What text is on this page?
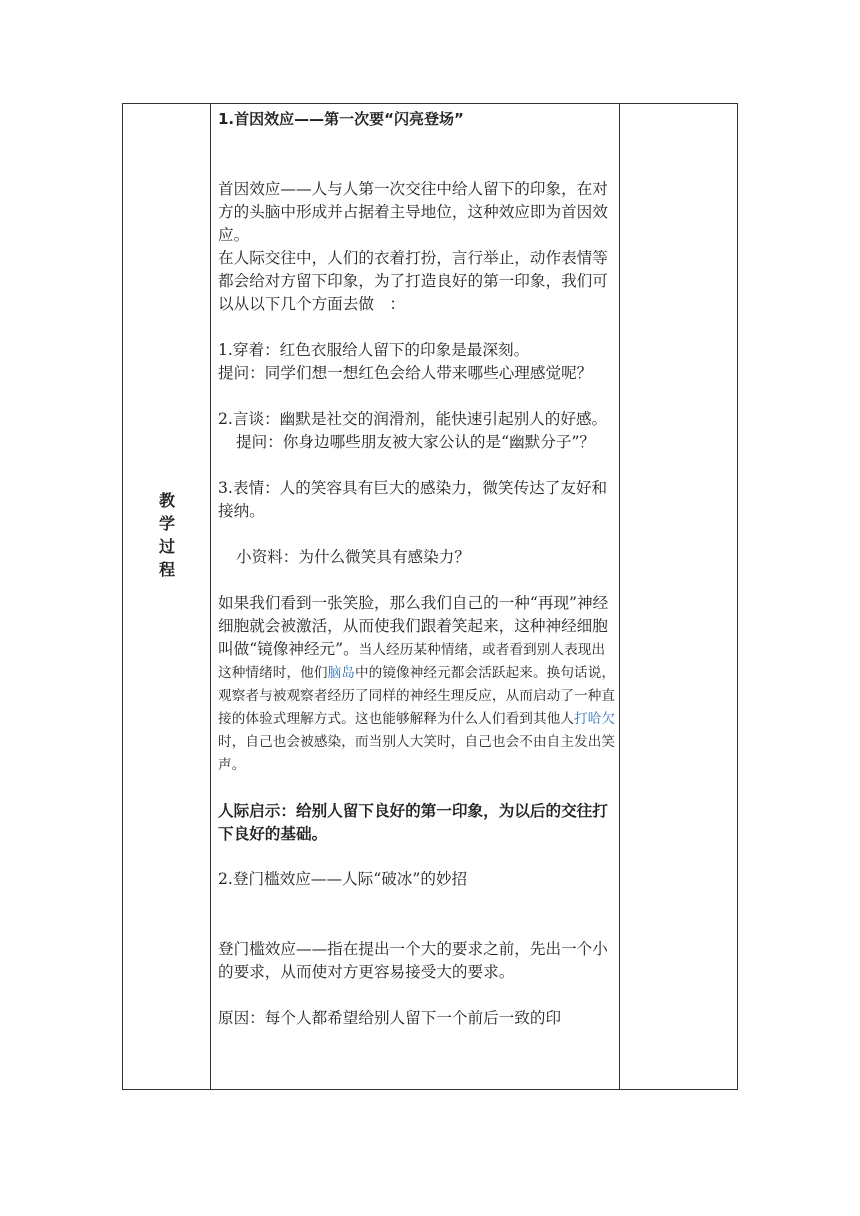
教
学
过
程

1.首因效应——第一次要“闪亮登场”

首因效应——人与人第一次交往中给人留下的印象，在对方的头脑中形成并占据着主导地位，这种效应即为首因效应。

在人际交往中，人们的衣着打扮，言行举止，动作表情等都会给对方留下印象，为了打造良好的第一印象，我们可以从以下几个方面去做　：

1.穿着：红色衣服给人留下的印象是最深刻。

提问：同学们想一想红色会给人带来哪些心理感觉呢？

2.言谈：幽默是社交的润滑剂，能快速引起别人的好感。

提问：你身边哪些朋友被大家公认的是“幽默分子”？

3.表情：人的笑容具有巨大的感染力，微笑传达了友好和接纳。

小资料：为什么微笑具有感染力？

如果我们看到一张笑脸，那么我们自己的一种“再现”神经细胞就会被激活，从而使我们跟着笑起来，这种神经细胞叫做“镜像神经元”。当人经历某种情绪，或者看到别人表现出这种情绪时，他们脑岛中的镜像神经元都会活跃起来。换句话说，观察者与被观察者经历了同样的神经生理反应，从而启动了一种直接的体验式理解方式。这也能够解释为什么人们看到其他人打哈欠时，自己也会被感染，而当别人大笑时，自己也会不由自主发出笑声。

人际启示：给别人留下良好的第一印象，为以后的交往打下良好的基础。

2.登门槛效应——人际“破冰”的妙招

登门槛效应——指在提出一个大的要求之前，先出一个小的要求，从而使对方更容易接受大的要求。

原因：每个人都希望给别人留下一个前后一致的印
